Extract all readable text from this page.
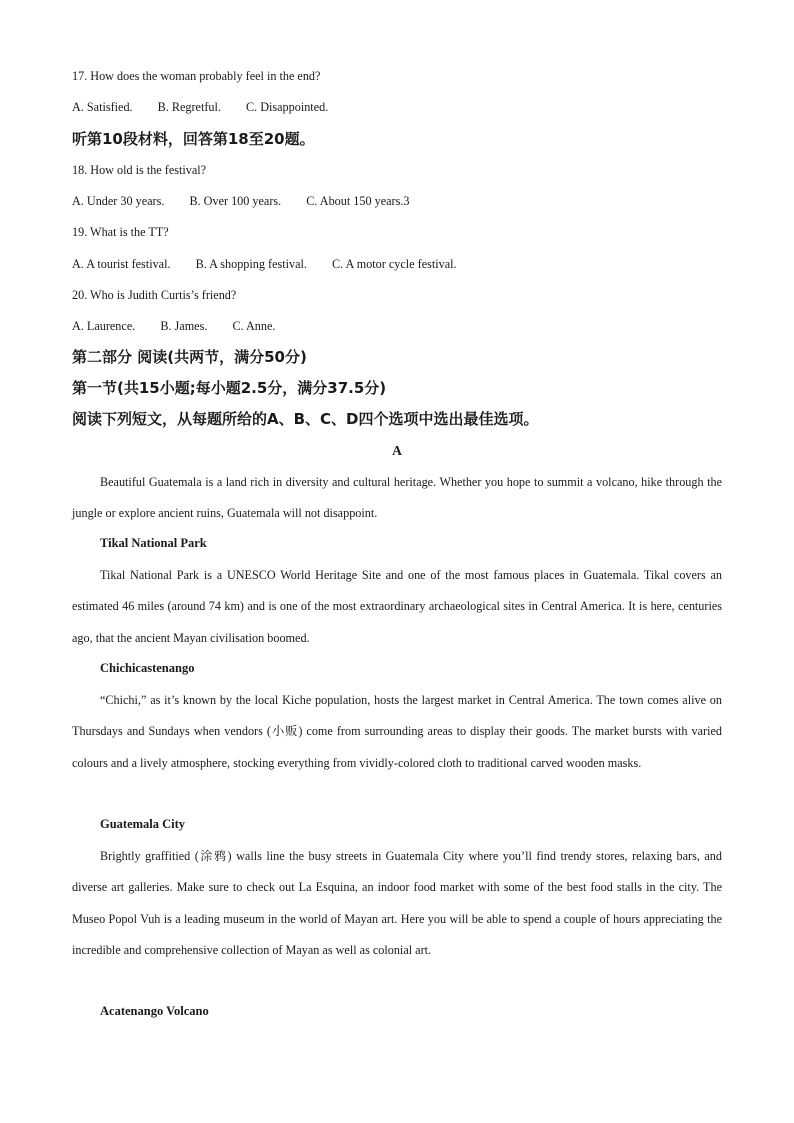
17. How does the woman probably feel in the end?
A. Satisfied. B. Regretful. C. Disappointed.
听第10段材料，回答第18至20题。
18. How old is the festival?
A. Under 30 years. B. Over 100 years. C. About 150 years.3
19. What is the TT?
A. A tourist festival. B. A shopping festival. C. A motor cycle festival.
20. Who is Judith Curtis’s friend?
A. Laurence. B. James. C. Anne.
第二部分 阅读(共两节，满分50分)
第一节(共15小题;每小题2.5分，满分37.5分)
阅读下列短文，从每题所给的A、B、C、D四个选项中选出最佳选项。
A
Beautiful Guatemala is a land rich in diversity and cultural heritage. Whether you hope to summit a volcano, hike through the jungle or explore ancient ruins, Guatemala will not disappoint.
Tikal National Park
Tikal National Park is a UNESCO World Heritage Site and one of the most famous places in Guatemala. Tikal covers an estimated 46 miles (around 74 km) and is one of the most extraordinary archaeological sites in Central America. It is here, centuries ago, that the ancient Mayan civilisation boomed.
Chichicastenango
“Chichi,” as it’s known by the local Kiche population, hosts the largest market in Central America. The town comes alive on Thursdays and Sundays when vendors (小贩) come from surrounding areas to display their goods. The market bursts with varied colours and a lively atmosphere, stocking everything from vividly-colored cloth to traditional carved wooden masks.
Guatemala City
Brightly graffitied (涂鸦) walls line the busy streets in Guatemala City where you’ll find trendy stores, relaxing bars, and diverse art galleries. Make sure to check out La Esquina, an indoor food market with some of the best food stalls in the city. The Museo Popol Vuh is a leading museum in the world of Mayan art. Here you will be able to spend a couple of hours appreciating the incredible and comprehensive collection of Mayan as well as colonial art.
Acatenango Volcano
